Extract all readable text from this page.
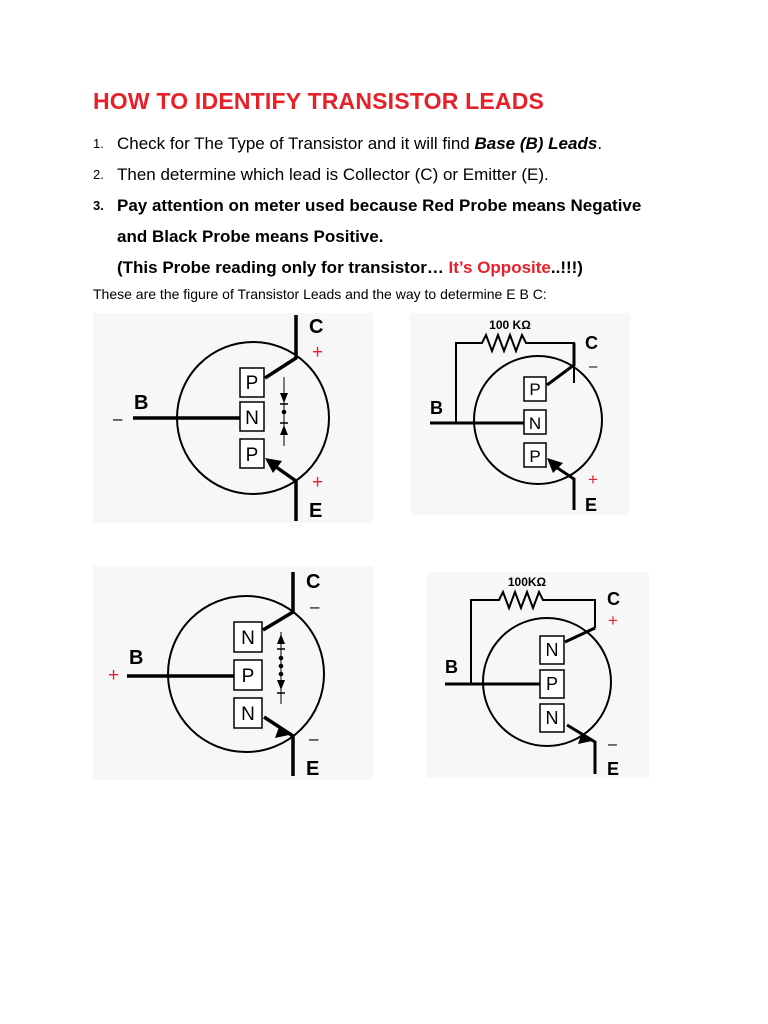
HOW TO IDENTIFY TRANSISTOR LEADS
1. Check for The Type of Transistor and it will find Base (B) Leads.
2. Then determine which lead is Collector (C) or Emitter (E).
3. Pay attention on meter used because Red Probe means Negative
and Black Probe means Positive.
(This Probe reading only for transistor… It’s Opposite..!!!)

These are the figure of Transistor Leads and the way to determine E B C:

P
N
P
C
+
B
–
+
E
100 KΩ
P
N
P
C
–
B
+
E
N
P
N
C
–
B
+
–
E
100KΩ
N
P
N
C
+
B
–
E
